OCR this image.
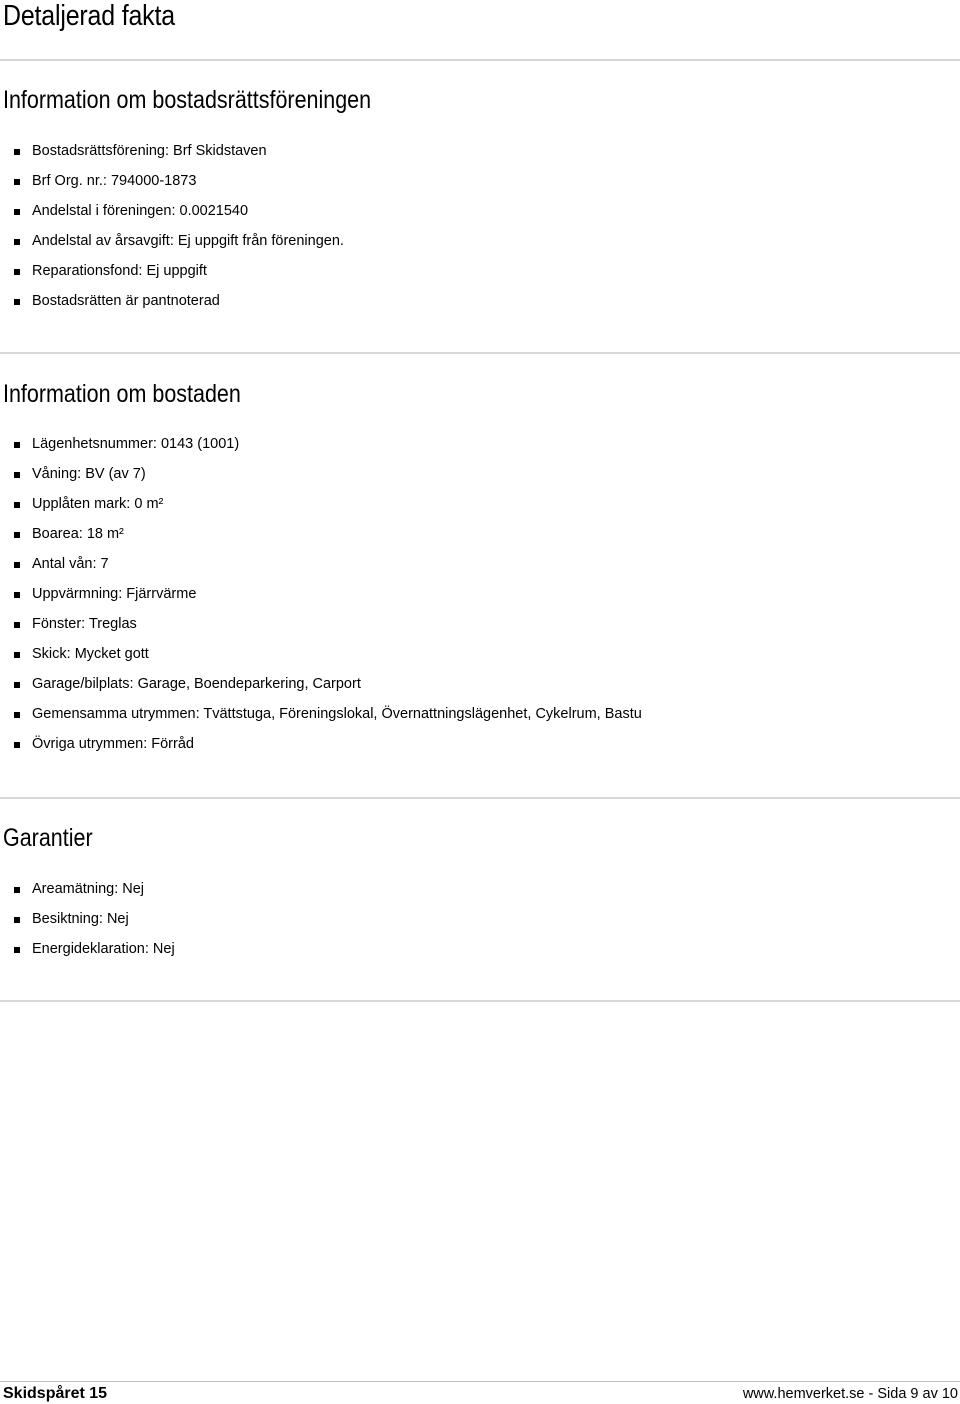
Detaljerad fakta
Information om bostadsrättsföreningen
Bostadsrättsförening: Brf Skidstaven
Brf Org. nr.: 794000-1873
Andelstal i föreningen: 0.0021540
Andelstal av årsavgift: Ej uppgift från föreningen.
Reparationsfond: Ej uppgift
Bostadsrätten är pantnoterad
Information om bostaden
Lägenhetsnummer: 0143 (1001)
Våning: BV (av 7)
Upplåten mark: 0 m²
Boarea: 18 m²
Antal vån: 7
Uppvärmning: Fjärrvärme
Fönster: Treglas
Skick: Mycket gott
Garage/bilplats: Garage, Boendeparkering, Carport
Gemensamma utrymmen: Tvättstuga, Föreningslokal, Övernattningslägenhet, Cykelrum, Bastu
Övriga utrymmen: Förråd
Garantier
Areamätning: Nej
Besiktning: Nej
Energideklaration: Nej
Skidspåret 15	www.hemverket.se - Sida 9 av 10
